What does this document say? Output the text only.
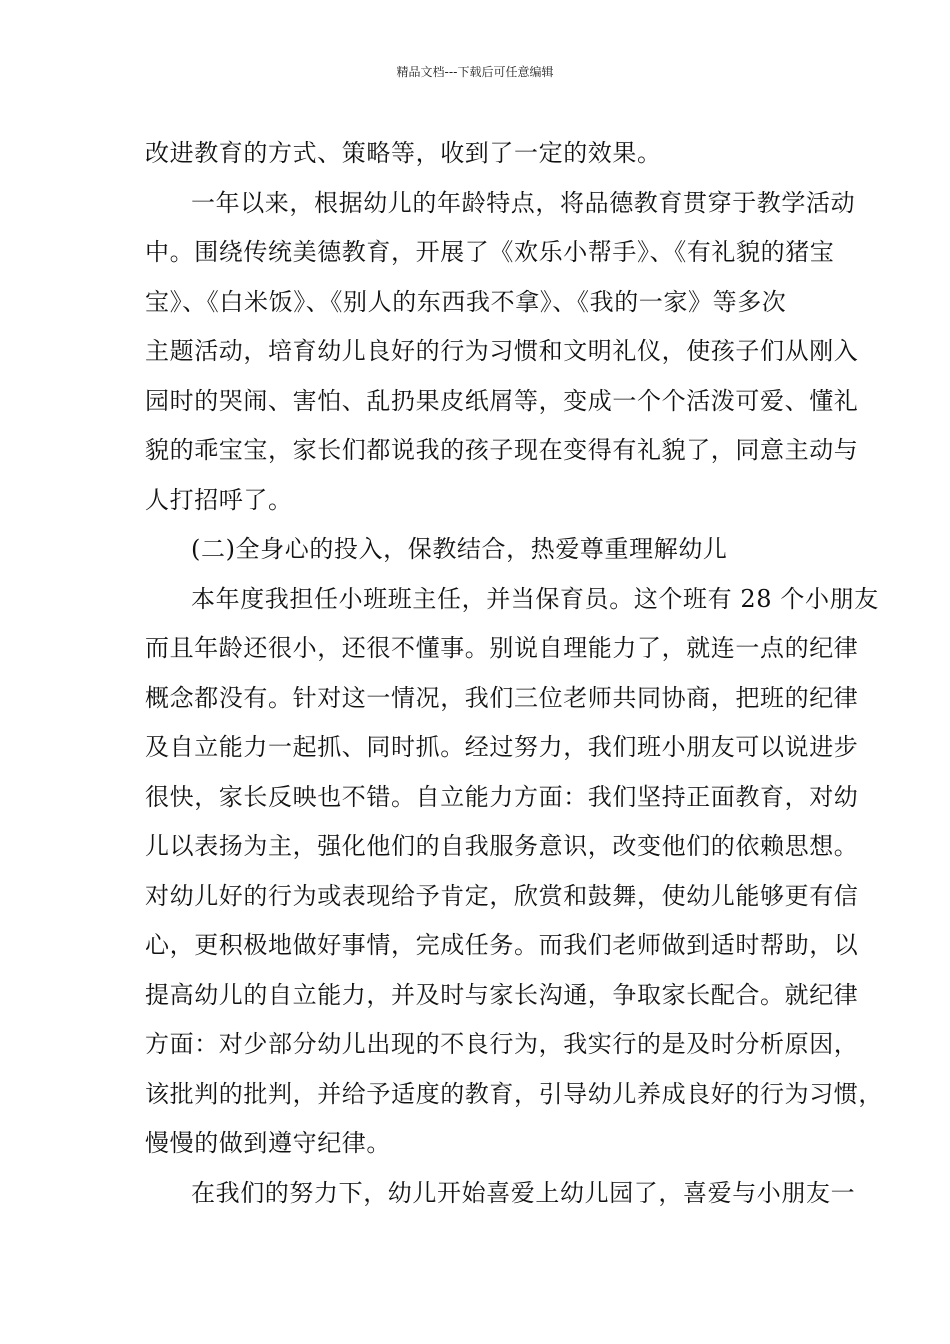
精品文档---下载后可任意编辑
改进教育的方式、策略等，收到了一定的效果。
一年以来，根据幼儿的年龄特点，将品德教育贯穿于教学活动
中。围绕传统美德教育，开展了《欢乐小帮手》、《有礼貌的猪宝
宝》、《白米饭》、《别人的东西我不拿》、《我的一家》等多次
主题活动，培育幼儿良好的行为习惯和文明礼仪，使孩子们从刚入
园时的哭闹、害怕、乱扔果皮纸屑等，变成一个个活泼可爱、懂礼
貌的乖宝宝，家长们都说我的孩子现在变得有礼貌了，同意主动与
人打招呼了。
(二)全身心的投入，保教结合，热爱尊重理解幼儿
本年度我担任小班班主任，并当保育员。这个班有 28 个小朋友
而且年龄还很小，还很不懂事。别说自理能力了，就连一点的纪律
概念都没有。针对这一情况，我们三位老师共同协商，把班的纪律
及自立能力一起抓、同时抓。经过努力，我们班小朋友可以说进步
很快，家长反映也不错。自立能力方面：我们坚持正面教育，对幼
儿以表扬为主，强化他们的自我服务意识，改变他们的依赖思想。
对幼儿好的行为或表现给予肯定，欣赏和鼓舞，使幼儿能够更有信
心，更积极地做好事情，完成任务。而我们老师做到适时帮助，以
提高幼儿的自立能力，并及时与家长沟通，争取家长配合。就纪律
方面：对少部分幼儿出现的不良行为，我实行的是及时分析原因，
该批判的批判，并给予适度的教育，引导幼儿养成良好的行为习惯，
慢慢的做到遵守纪律。
在我们的努力下，幼儿开始喜爱上幼儿园了，喜爱与小朋友一
